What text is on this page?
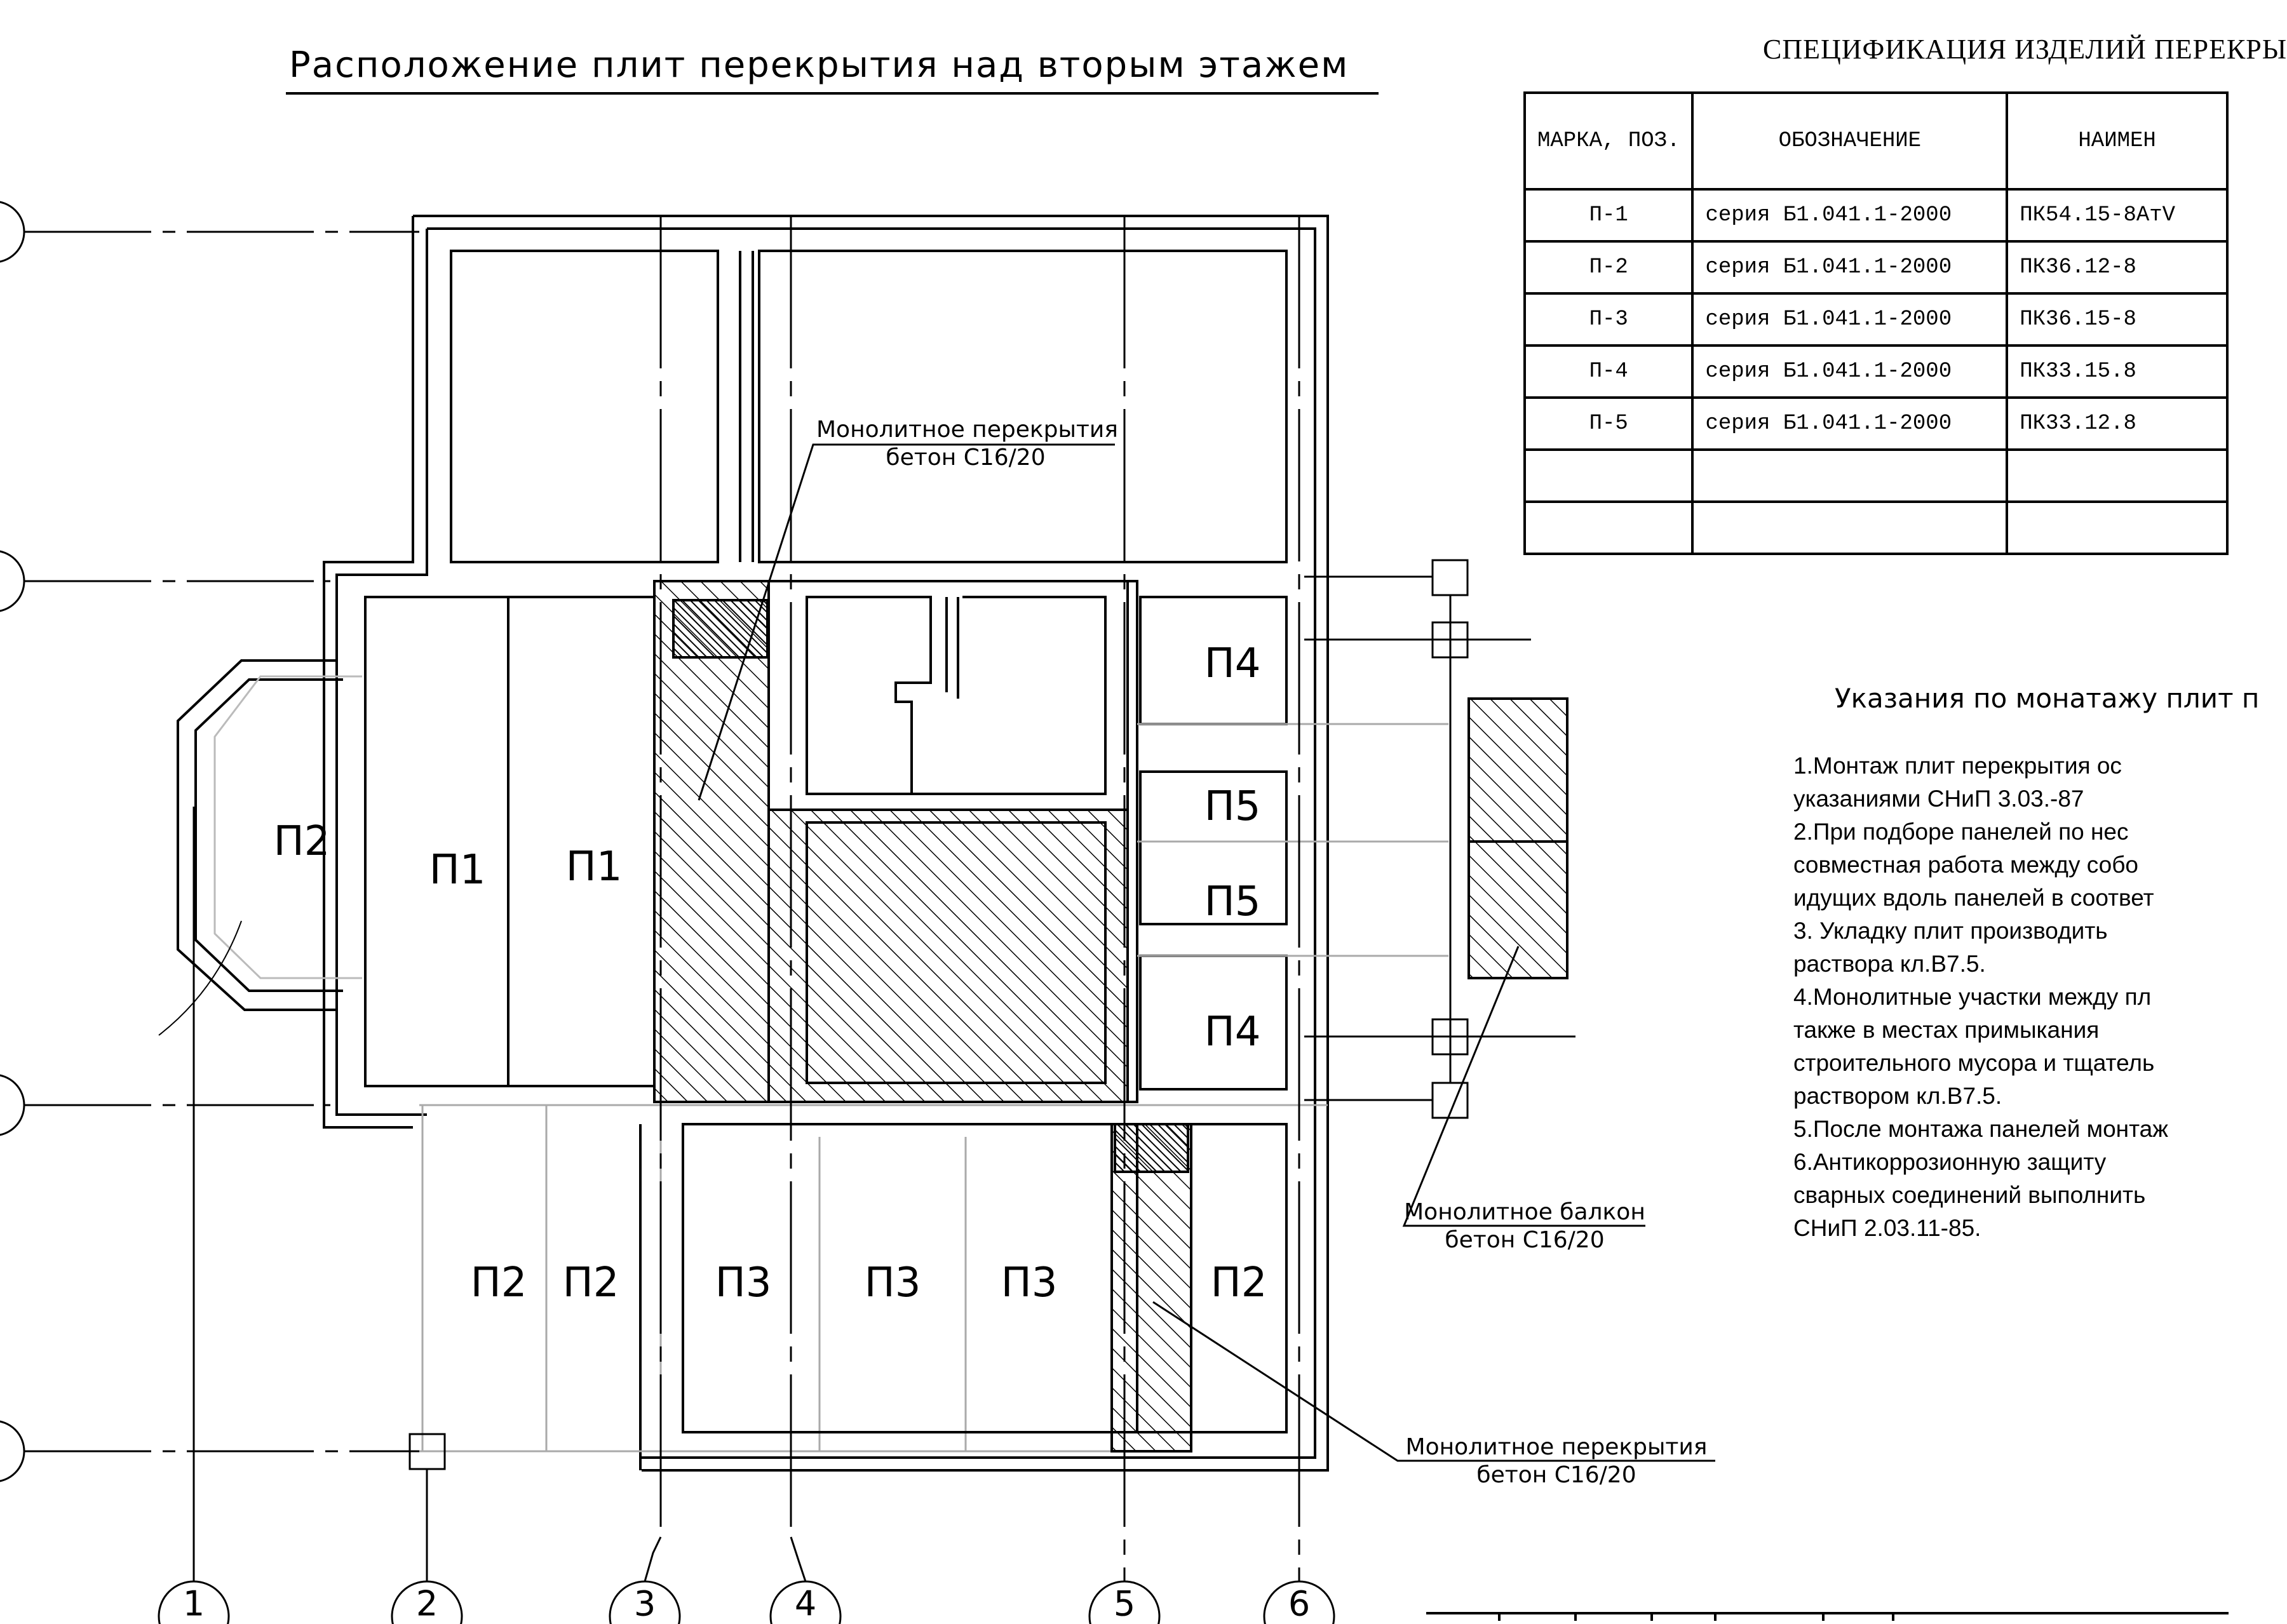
Расположение плит перекрытия над вторым этажем	СПЕЦИФИКАЦИЯ ИЗДЕЛИЙ ПЕРЕКРЫ
МАРКА, ПОЗ.	ОБОЗНАЧЕНИЕ	НАИМЕН
П-1	серия Б1.041.1-2000	ПК54.15-8АтV
П-2	серия Б1.041.1-2000	ПК36.12-8
П-3	серия Б1.041.1-2000	ПК36.15-8
П-4	серия Б1.041.1-2000	ПК33.15.8
П-5	серия Б1.041.1-2000	ПК33.12.8

Указания по монатажу плит п
1.Монтаж плит перекрытия ос
указаниями СНиП 3.03.-87
2.При подборе панелей по нес
совместная работа между собо
идущих вдоль панелей в соответ
3. Укладку плит производить
раствора кл.В7.5.
4.Монолитные участки между пл
также в местах примыкания
строительного мусора и тщатель
раствором кл.В7.5.
5.После монтажа панелей монтаж
6.Антикоррозионную защиту
сварных соединений выполнить
СНиП 2.03.11-85.
П2
П1 П1
П4
П5
П5
П4
П2 П2 П3 П3 П3	П2
Монолитное перекрытия
бетон С16/20
Монолитное балкон
бетон С16/20
Монолитное перекрытия
бетон С16/20
1	2	3	4	5	6
